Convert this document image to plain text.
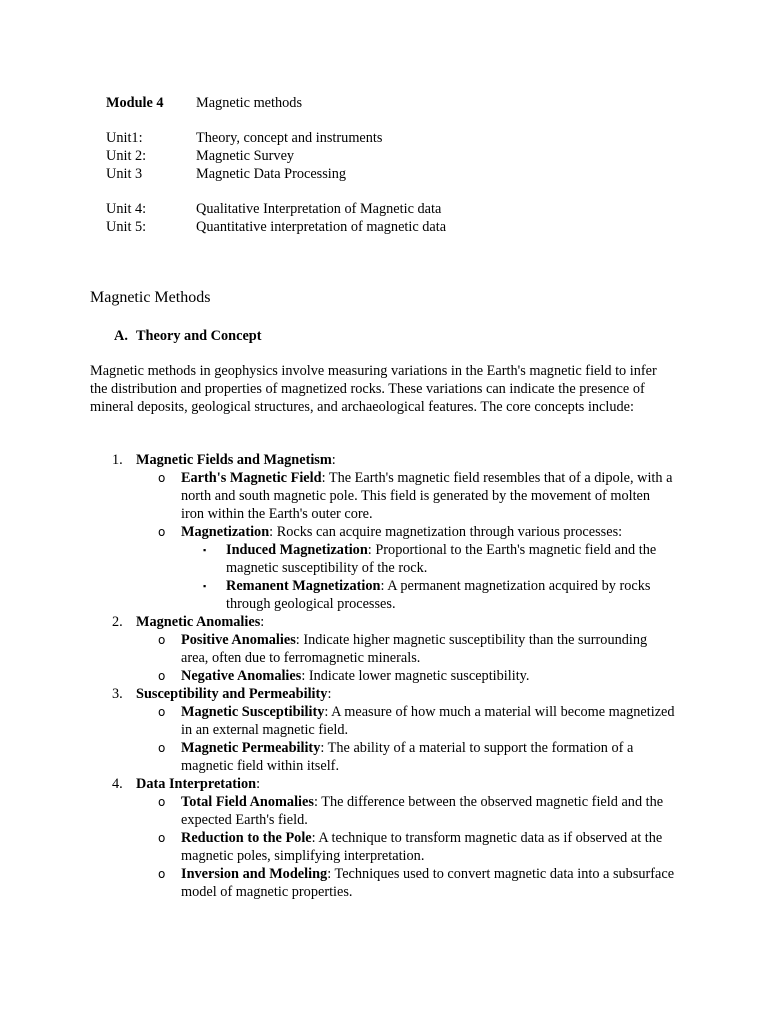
Module 4	Magnetic methods
Unit1:	Theory, concept and instruments
Unit 2:	Magnetic Survey
Unit 3	Magnetic Data Processing
Unit 4:	Qualitative Interpretation of Magnetic data
Unit 5:	Quantitative interpretation of magnetic data
Magnetic Methods
A. Theory and Concept
Magnetic methods in geophysics involve measuring variations in the Earth's magnetic field to infer the distribution and properties of magnetized rocks. These variations can indicate the presence of mineral deposits, geological structures, and archaeological features. The core concepts include:
1. Magnetic Fields and Magnetism:
o Earth's Magnetic Field: The Earth's magnetic field resembles that of a dipole, with a north and south magnetic pole. This field is generated by the movement of molten iron within the Earth's outer core.
o Magnetization: Rocks can acquire magnetization through various processes:
▪ Induced Magnetization: Proportional to the Earth's magnetic field and the magnetic susceptibility of the rock.
▪ Remanent Magnetization: A permanent magnetization acquired by rocks through geological processes.
2. Magnetic Anomalies:
o Positive Anomalies: Indicate higher magnetic susceptibility than the surrounding area, often due to ferromagnetic minerals.
o Negative Anomalies: Indicate lower magnetic susceptibility.
3. Susceptibility and Permeability:
o Magnetic Susceptibility: A measure of how much a material will become magnetized in an external magnetic field.
o Magnetic Permeability: The ability of a material to support the formation of a magnetic field within itself.
4. Data Interpretation:
o Total Field Anomalies: The difference between the observed magnetic field and the expected Earth's field.
o Reduction to the Pole: A technique to transform magnetic data as if observed at the magnetic poles, simplifying interpretation.
o Inversion and Modeling: Techniques used to convert magnetic data into a subsurface model of magnetic properties.
